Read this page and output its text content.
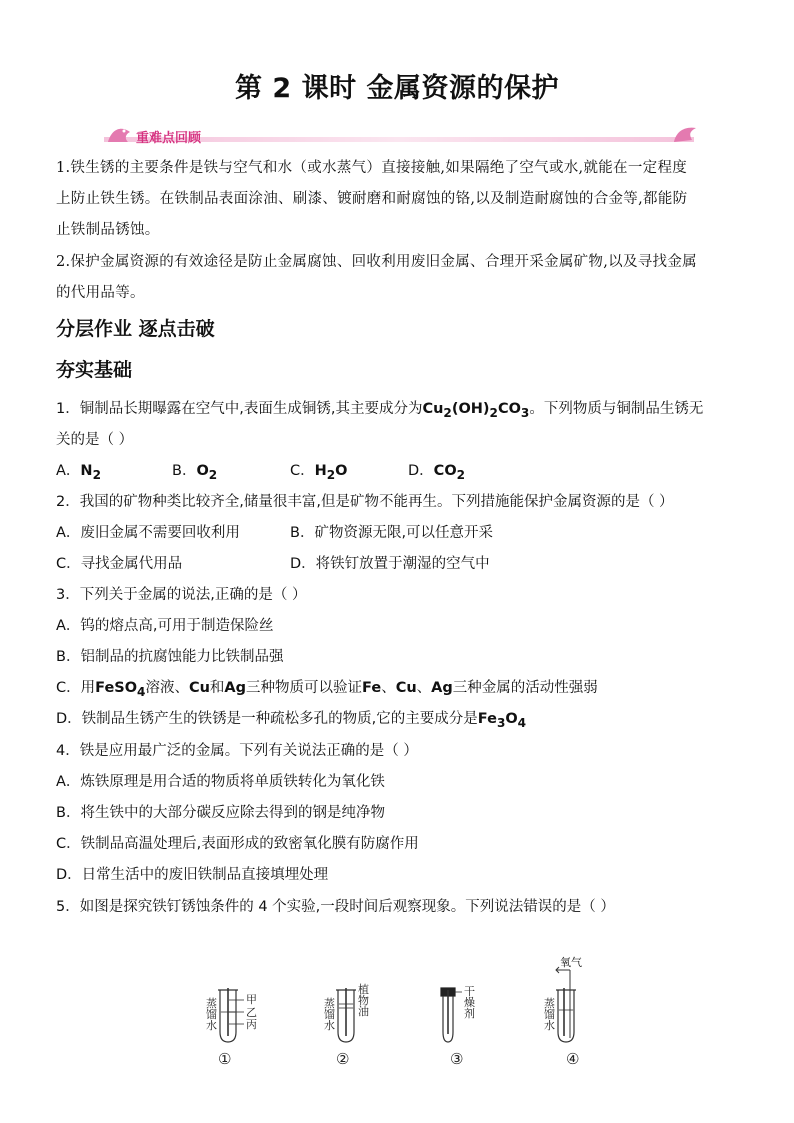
第 2 课时 金属资源的保护
重难点回顾
1.铁生锈的主要条件是铁与空气和水（或水蒸气）直接接触,如果隔绝了空气或水,就能在一定程度
上防止铁生锈。在铁制品表面涂油、刷漆、镀耐磨和耐腐蚀的铬,以及制造耐腐蚀的合金等,都能防
止铁制品锈蚀。
2.保护金属资源的有效途径是防止金属腐蚀、回收利用废旧金属、合理开采金属矿物,以及寻找金属
的代用品等。
分层作业 逐点击破
夯实基础
1．铜制品长期曝露在空气中,表面生成铜锈,其主要成分为$Cu_2(OH)_2CO_3$。下列物质与铜制品生锈无
关的是（ ）
A．$N_2$	B．$O_2$	C．$H_2O$	D．$CO_2$
2．我国的矿物种类比较齐全,储量很丰富,但是矿物不能再生。下列措施能保护金属资源的是（ ）
A．废旧金属不需要回收利用	B．矿物资源无限,可以任意开采
C．寻找金属代用品	D．将铁钉放置于潮湿的空气中
3．下列关于金属的说法,正确的是（ ）
A．钨的熔点高,可用于制造保险丝
B．铝制品的抗腐蚀能力比铁制品强
C．用FeSO$_4$溶液、Cu和Ag三种物质可以验证Fe、Cu、Ag三种金属的活动性强弱
D．铁制品生锈产生的铁锈是一种疏松多孔的物质,它的主要成分是$Fe_3O_4$
4．铁是应用最广泛的金属。下列有关说法正确的是（ ）
A．炼铁原理是用合适的物质将单质铁转化为氧化铁
B．将生铁中的大部分碳反应除去得到的钢是纯净物
C．铁制品高温处理后,表面形成的致密氧化膜有防腐作用
D．日常生活中的废旧铁制品直接填埋处理
5．如图是探究铁钉锈蚀条件的 4 个实验,一段时间后观察现象。下列说法错误的是（ ）
蒸馏水
甲
乙
丙
蒸馏水
植物油
干燥剂
氧气
蒸馏水
①	②	③	④
